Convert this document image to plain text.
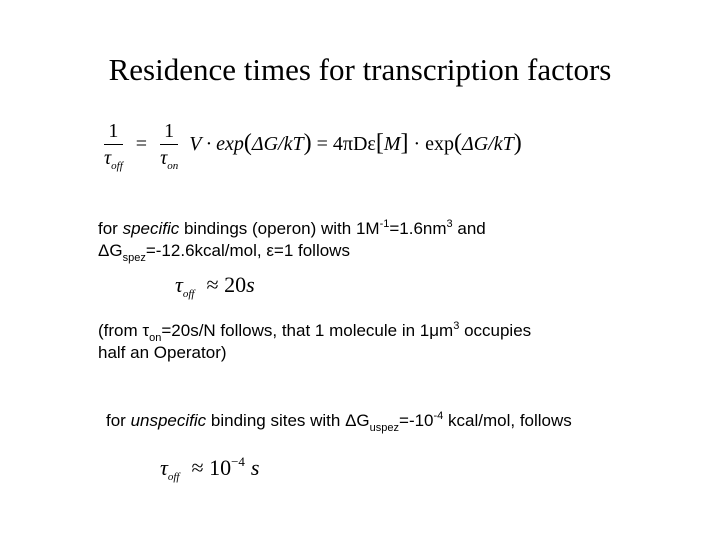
Residence times for transcription factors
$\frac{1}{\tau_{off}} = \frac{1}{\tau_{on}}$ V · exp(ΔG/kT) = 4πDε[M] · exp(ΔG/kT)
for specific bindings (operon) with $1M^{-1}=1.6nm^3$ and
$\Delta G_{spez}=-12.6kcal$/mol, ε=1 follows
$\tau_{off} \approx 20s$
(from $\tau_{on}=20s/N$ follows, that 1 molecule in $1\mu m^3$ occupies
half an Operator)
for unspecific binding sites with $\Delta G_{uspez}=-10^{-4}$ kcal/mol, follows
$\tau_{off} \approx 10^{-4}$ s
